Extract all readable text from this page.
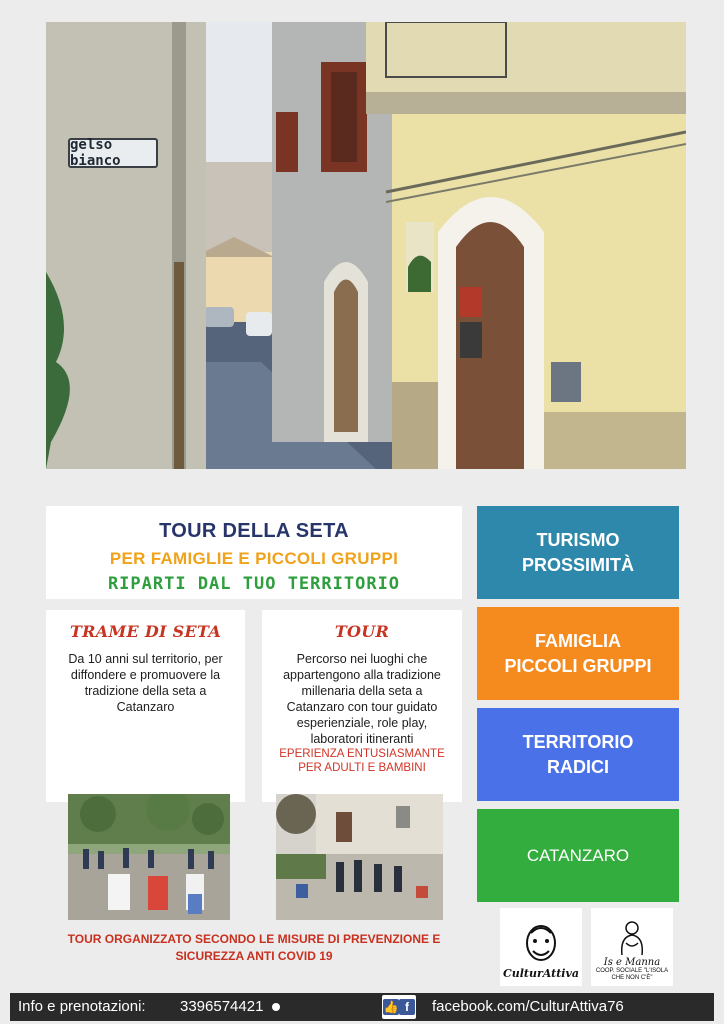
gelso bianco
TOUR DELLA SETA
PER FAMIGLIE E PICCOLI GRUPPI
RIPARTI DAL TUO TERRITORIO
TRAME DI SETA
Da 10 anni sul territorio, per diffondere e promuovere la tradizione della seta a Catanzaro
TOUR
Percorso nei luoghi che appartengono alla tradizione millenaria della seta a Catanzaro con tour guidato esperienziale, role play, laboratori itineranti
EPERIENZA ENTUSIASMANTE PER ADULTI E BAMBINI
TOUR ORGANIZZATO SECONDO LE MISURE DI PREVENZIONE E SICUREZZA ANTI COVID 19
TURISMO
PROSSIMITÀ
FAMIGLIA
PICCOLI GRUPPI
TERRITORIO
RADICI
CATANZARO
CulturAttiva
Is e Manna
COOP. SOCIALE "L'ISOLA CHE NON C'È"
Info e prenotazioni: 3396574421	👍 f	facebook.com/CulturAttiva76
